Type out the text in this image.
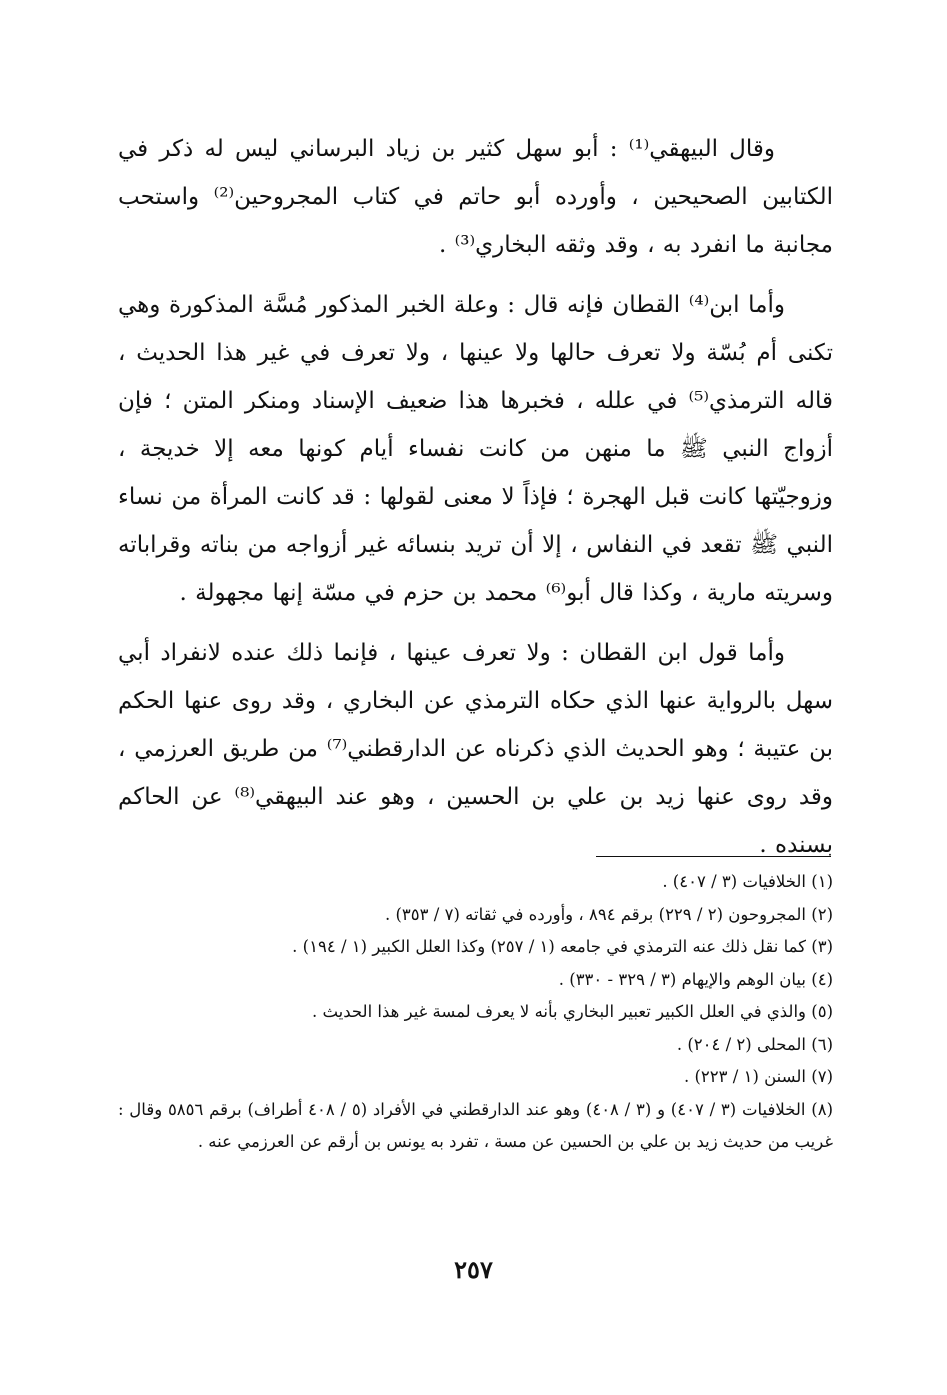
وقال البيهقي⁽¹⁾ : أبو سهل كثير بن زياد البرساني ليس له ذكر في الكتابين الصحيحين ، وأورده أبو حاتم في كتاب المجروحين⁽²⁾ واستحب مجانبة ما انفرد به ، وقد وثقه البخاري⁽³⁾ .

وأما ابن⁽⁴⁾ القطان فإنه قال : وعلة الخبر المذكور مُسَّة المذكورة وهي تكنى أم بُسّة ولا تعرف حالها ولا عينها ، ولا تعرف في غير هذا الحديث ، قاله الترمذي⁽⁵⁾ في علله ، فخبرها هذا ضعيف الإسناد ومنكر المتن ؛ فإن أزواج النبي ﷺ ما منهن من كانت نفساء أيام كونها معه إلا خديجة ، وزوجيّتها كانت قبل الهجرة ؛ فإذاً لا معنى لقولها : قد كانت المرأة من نساء النبي ﷺ تقعد في النفاس ، إلا أن تريد بنسائه غير أزواجه من بناته وقراباته وسريته مارية ، وكذا قال أبو⁽⁶⁾ محمد بن حزم في مسّة إنها مجهولة .

وأما قول ابن القطان : ولا تعرف عينها ، فإنما ذلك عنده لانفراد أبي سهل بالرواية عنها الذي حكاه الترمذي عن البخاري ، وقد روى عنها الحكم بن عتيبة ؛ وهو الحديث الذي ذكرناه عن الدارقطني⁽⁷⁾ من طريق العرزمي ، وقد روى عنها زيد بن علي بن الحسين ، وهو عند البيهقي⁽⁸⁾ عن الحاكم بسنده .

(١) الخلافيات (٣ / ٤٠٧) .

(٢) المجروحون (٢ / ٢٢٩) برقم ٨٩٤ ، وأورده في ثقاته (٧ / ٣٥٣) .

(٣) كما نقل ذلك عنه الترمذي في جامعه (١ / ٢٥٧) وكذا العلل الكبير (١ / ١٩٤) .

(٤) بيان الوهم والإيهام (٣ / ٣٢٩ - ٣٣٠) .

(٥) والذي في العلل الكبير تعبير البخاري بأنه لا يعرف لمسة غير هذا الحديث .

(٦) المحلى (٢ / ٢٠٤) .

(٧) السنن (١ / ٢٢٣) .

(٨) الخلافيات (٣ / ٤٠٧) و (٣ / ٤٠٨) وهو عند الدارقطني في الأفراد (٥ / ٤٠٨ أطراف) برقم ٥٨٥٦ وقال : غريب من حديث زيد بن علي بن الحسين عن مسة ، تفرد به يونس بن أرقم عن العرزمي عنه .

٢٥٧
